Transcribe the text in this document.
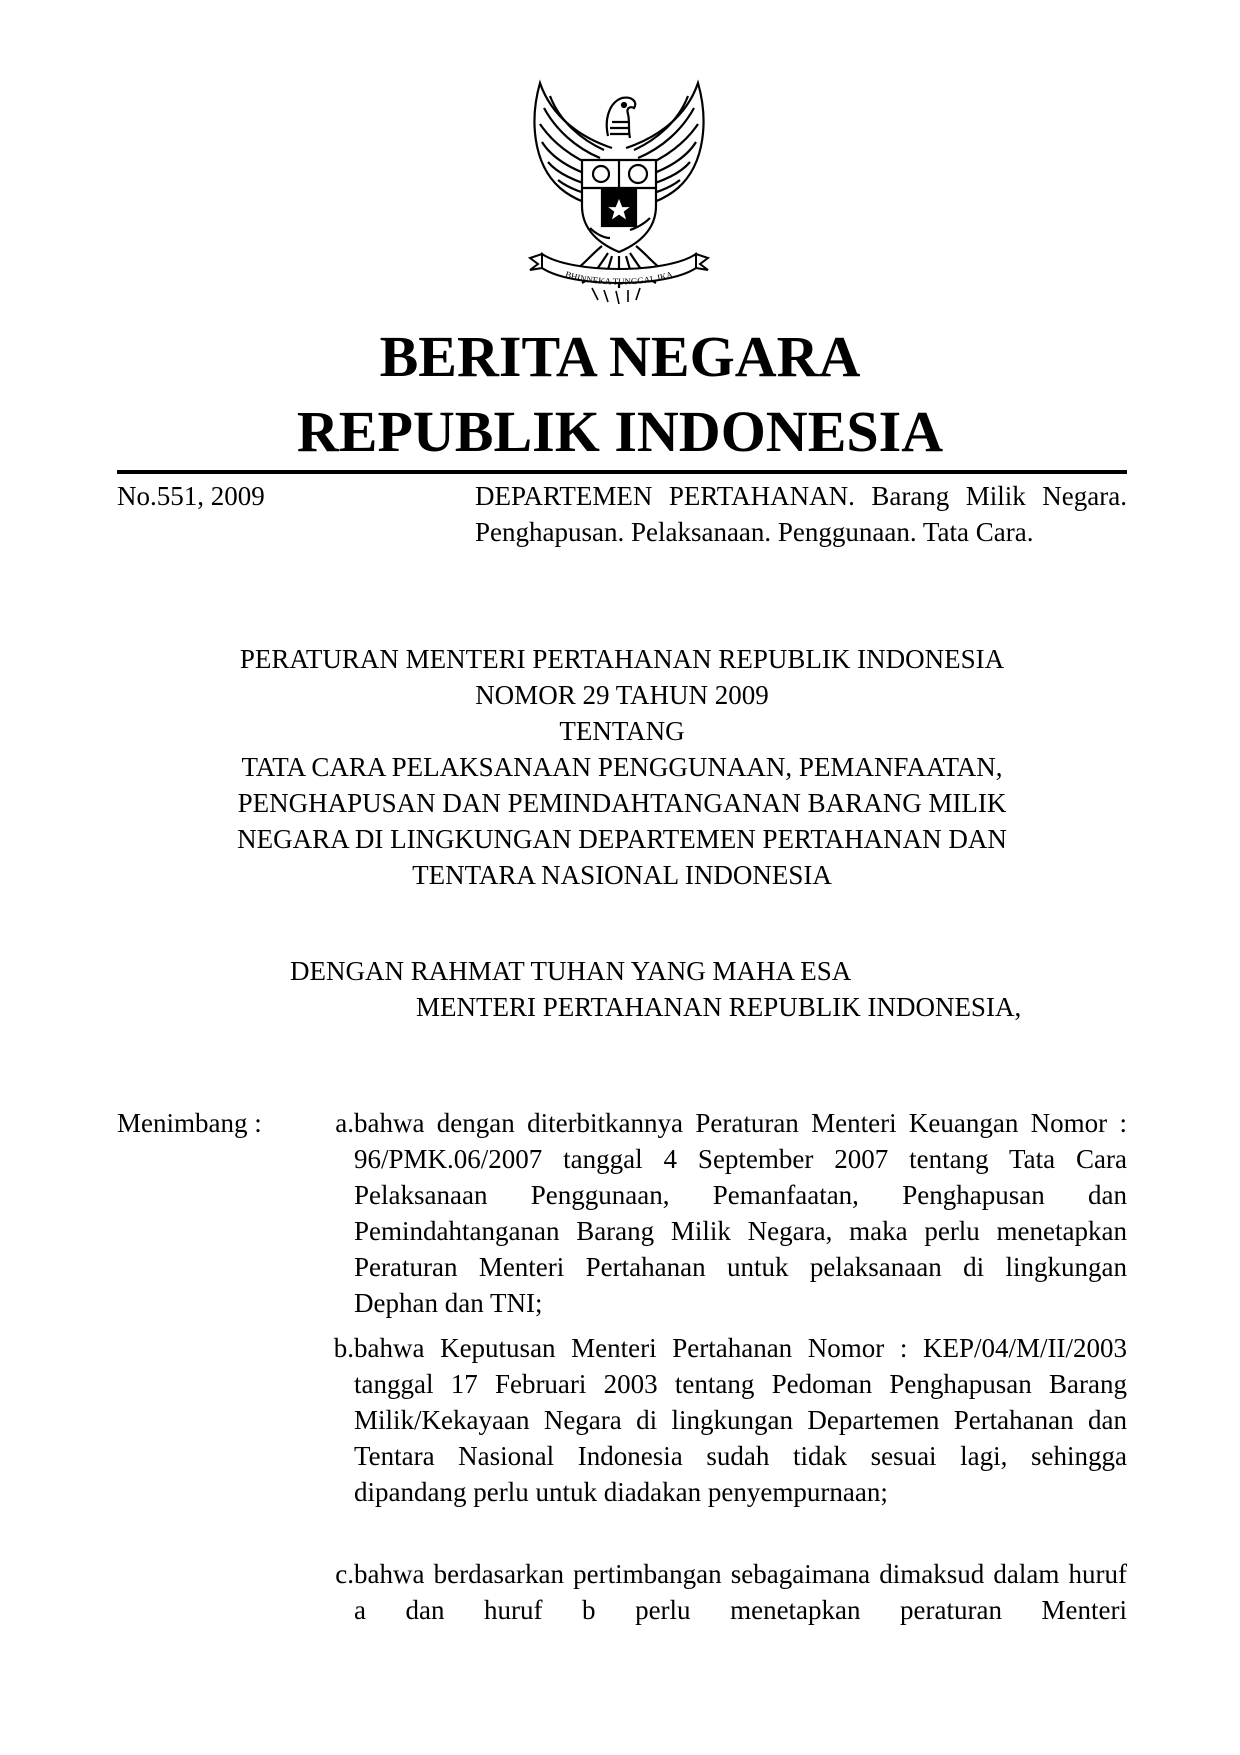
BHINNEKA TUNGGAL IKA
BERITA NEGARA
REPUBLIK INDONESIA
No.551, 2009	DEPARTEMEN PERTAHANAN. Barang Milik Negara. Penghapusan. Pelaksanaan. Penggunaan. Tata Cara.
PERATURAN MENTERI PERTAHANAN REPUBLIK INDONESIA
NOMOR 29 TAHUN 2009
TENTANG
TATA CARA PELAKSANAAN PENGGUNAAN, PEMANFAATAN,
PENGHAPUSAN DAN PEMINDAHTANGANAN BARANG MILIK
NEGARA DI LINGKUNGAN DEPARTEMEN PERTAHANAN DAN
TENTARA NASIONAL INDONESIA
DENGAN RAHMAT TUHAN YANG MAHA ESA
MENTERI PERTAHANAN REPUBLIK INDONESIA,
Menimbang :	a. bahwa dengan diterbitkannya Peraturan Menteri Keuangan Nomor : 96/PMK.06/2007 tanggal 4 September 2007 tentang Tata Cara Pelaksanaan Penggunaan, Pemanfaatan, Penghapusan dan Pemindahtanganan Barang Milik Negara, maka perlu menetapkan Peraturan Menteri Pertahanan untuk pelaksanaan di lingkungan Dephan dan TNI;
b. bahwa Keputusan Menteri Pertahanan Nomor : KEP/04/M/II/2003 tanggal 17 Februari 2003 tentang Pedoman Penghapusan Barang Milik/Kekayaan Negara di lingkungan Departemen Pertahanan dan Tentara Nasional Indonesia sudah tidak sesuai lagi, sehingga dipandang perlu untuk diadakan penyempurnaan;
c. bahwa berdasarkan pertimbangan sebagaimana dimaksud dalam huruf a dan huruf b perlu menetapkan peraturan Menteri
